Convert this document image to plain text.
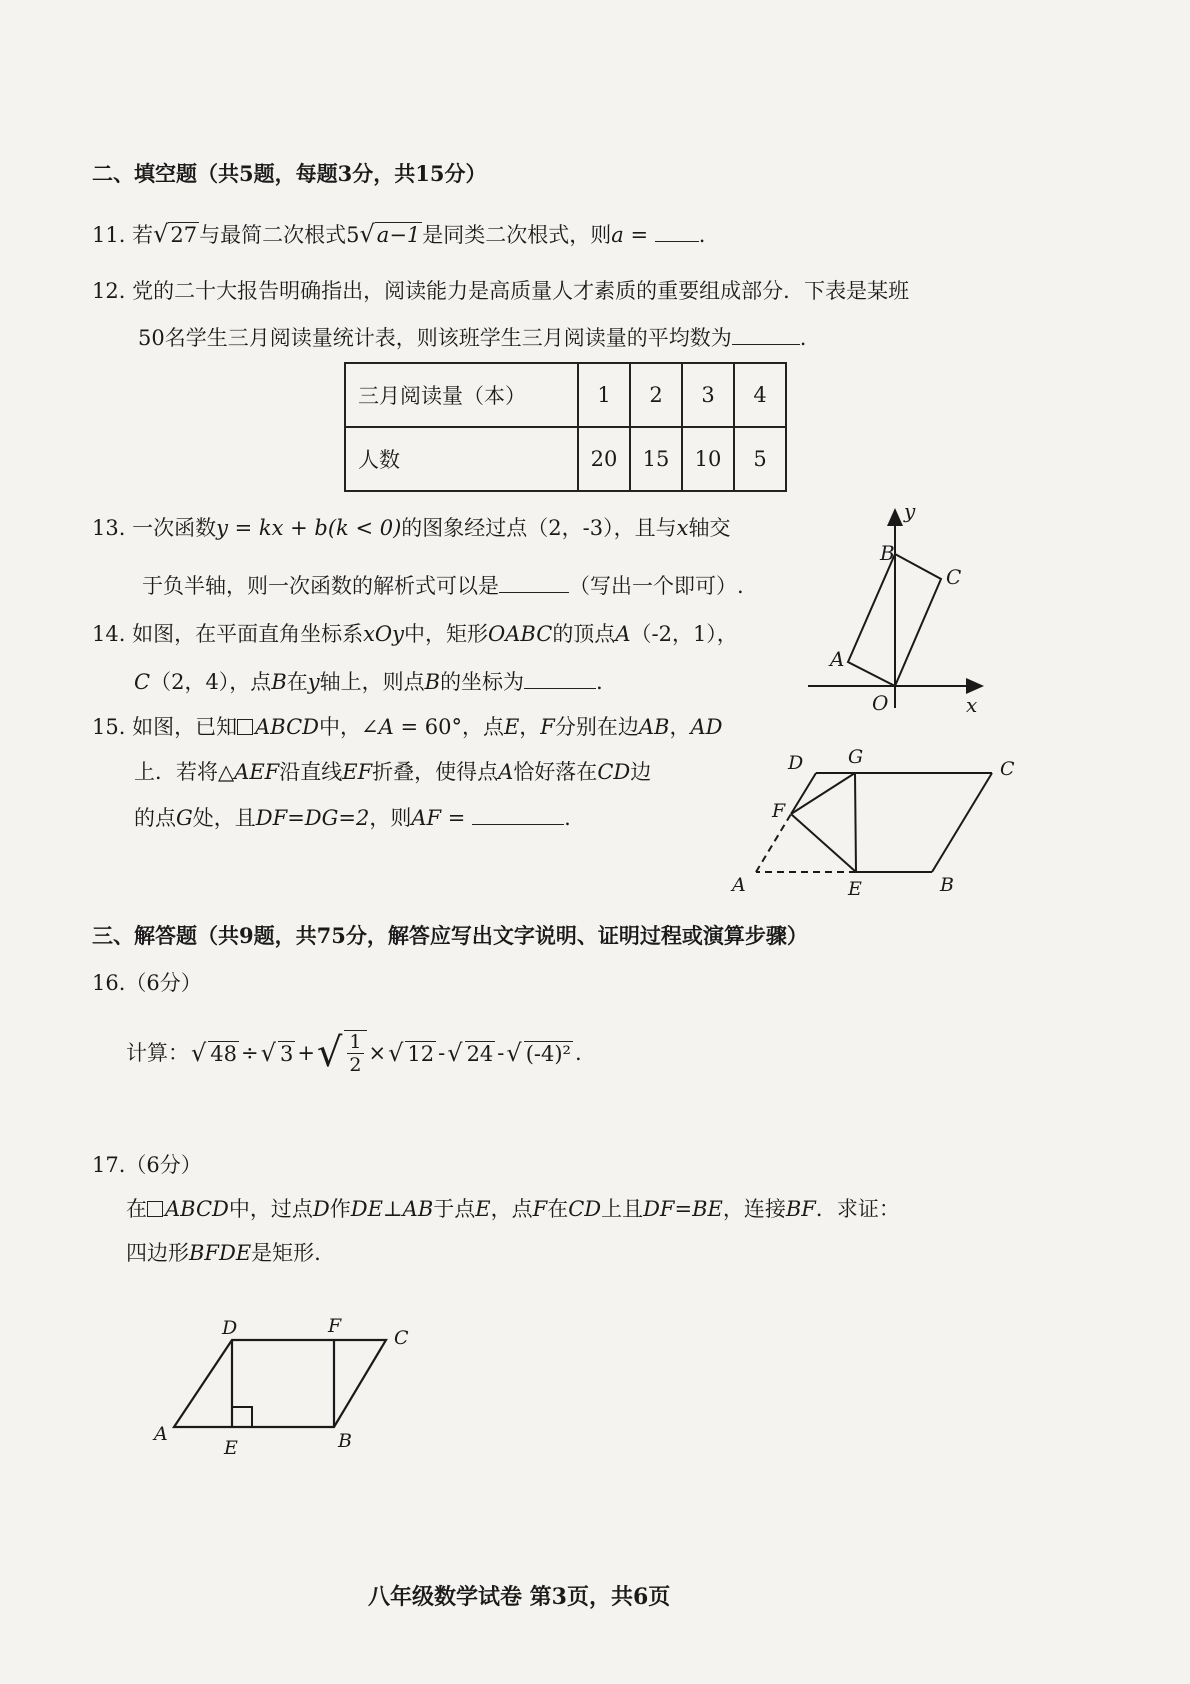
二、填空题（共5题，每题3分，共15分）
11. 若√27与最简二次根式5√a−1是同类二次根式，则a = .
12. 党的二十大报告明确指出，阅读能力是高质量人才素质的重要组成部分．下表是某班
50名学生三月阅读量统计表，则该班学生三月阅读量的平均数为	.
三月阅读量（本）	1	2	3	4
人数	20	15	10	5
13. 一次函数y = kx + b(k < 0)的图象经过点（2，-3），且与x轴交
于负半轴，则一次函数的解析式可以是	（写出一个即可）.
14. 如图，在平面直角坐标系xOy中，矩形OABC的顶点A（-2，1），
C（2，4），点B在y轴上，则点B的坐标为	．
15. 如图，已知 ABCD中，∠A = 60°，点E，F分别在边AB，AD
上．若将△AEF沿直线EF折叠，使得点A恰好落在CD边
的点G处，且DF=DG=2，则AF =	.
y
B
C
A
O	x
D G
C
F
A	E	B
三、解答题（共9题，共75分，解答应写出文字说明、证明过程或演算步骤）
16.（6分）
计算： √ 48 ÷ √ 3 + √ $\frac{1}{2}$ × √ 12 - √ 24 - √ (-4)² .
17.（6分）
在 ABCD中，过点D作DE⊥AB于点E，点F在CD上且DF=BE，连接BF．求证：
四边形BFDE是矩形.
D	F
C
A
E	B
八年级数学试卷 第3页，共6页
